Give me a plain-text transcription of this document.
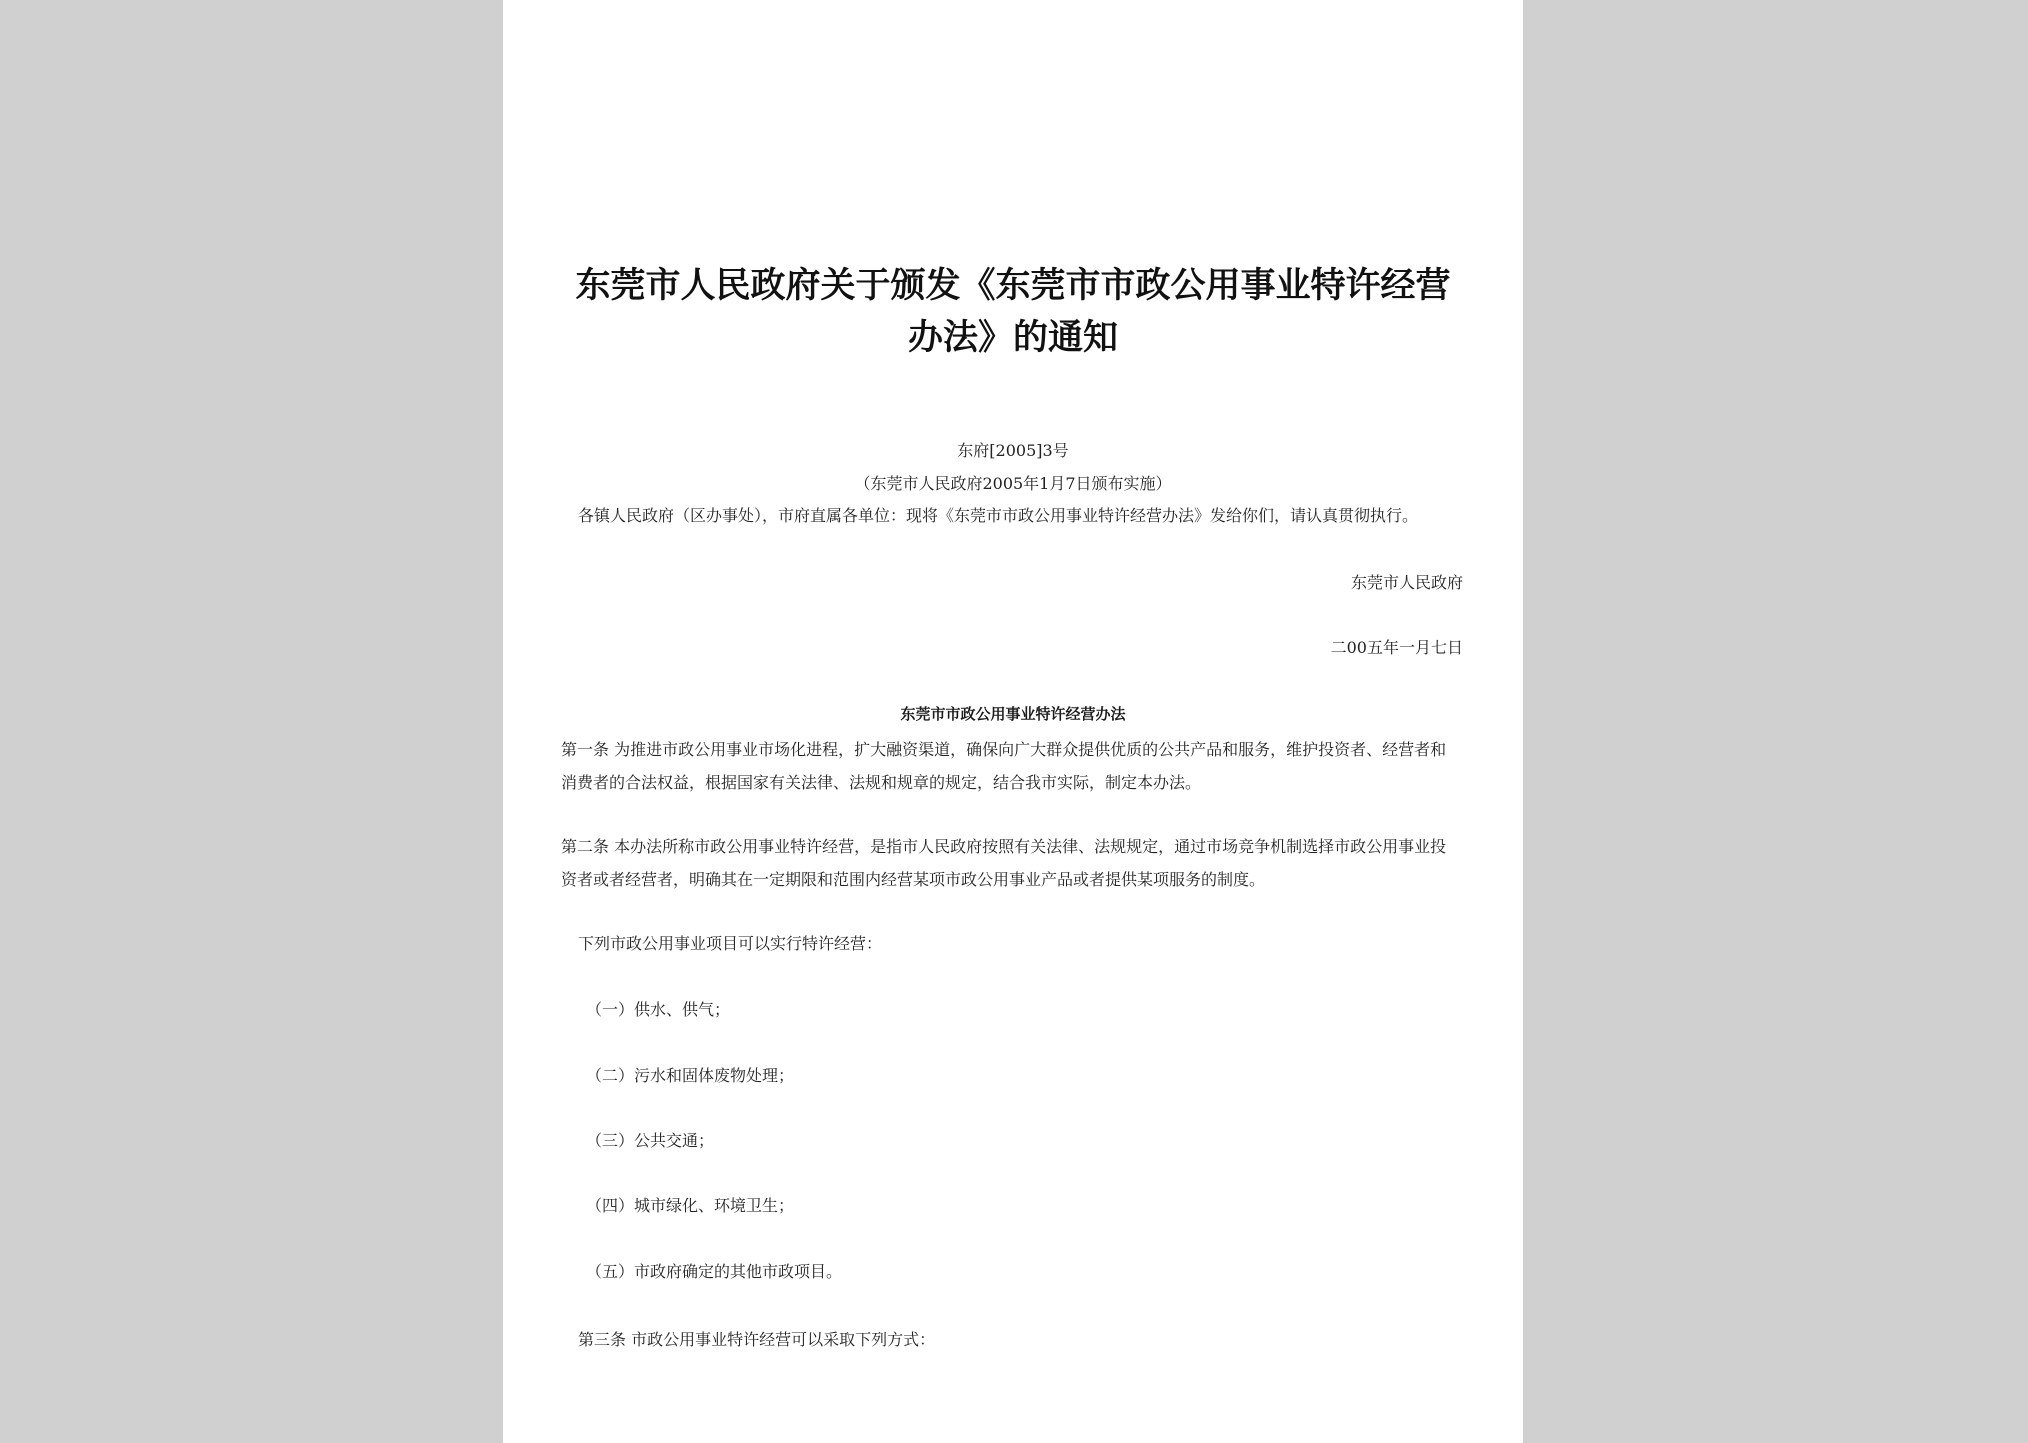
东莞市人民政府关于颁发《东莞市市政公用事业特许经营办法》的通知
东府[2005]3号
（东莞市人民政府2005年1月7日颁布实施）
各镇人民政府（区办事处），市府直属各单位：现将《东莞市市政公用事业特许经营办法》发给你们，请认真贯彻执行。
东莞市人民政府
二00五年一月七日
东莞市市政公用事业特许经营办法
第一条 为推进市政公用事业市场化进程，扩大融资渠道，确保向广大群众提供优质的公共产品和服务，维护投资者、经营者和消费者的合法权益，根据国家有关法律、法规和规章的规定，结合我市实际，制定本办法。
第二条 本办法所称市政公用事业特许经营，是指市人民政府按照有关法律、法规规定，通过市场竞争机制选择市政公用事业投资者或者经营者，明确其在一定期限和范围内经营某项市政公用事业产品或者提供某项服务的制度。
下列市政公用事业项目可以实行特许经营：
（一）供水、供气；
（二）污水和固体废物处理；
（三）公共交通；
（四）城市绿化、环境卫生；
（五）市政府确定的其他市政项目。
第三条 市政公用事业特许经营可以采取下列方式：
